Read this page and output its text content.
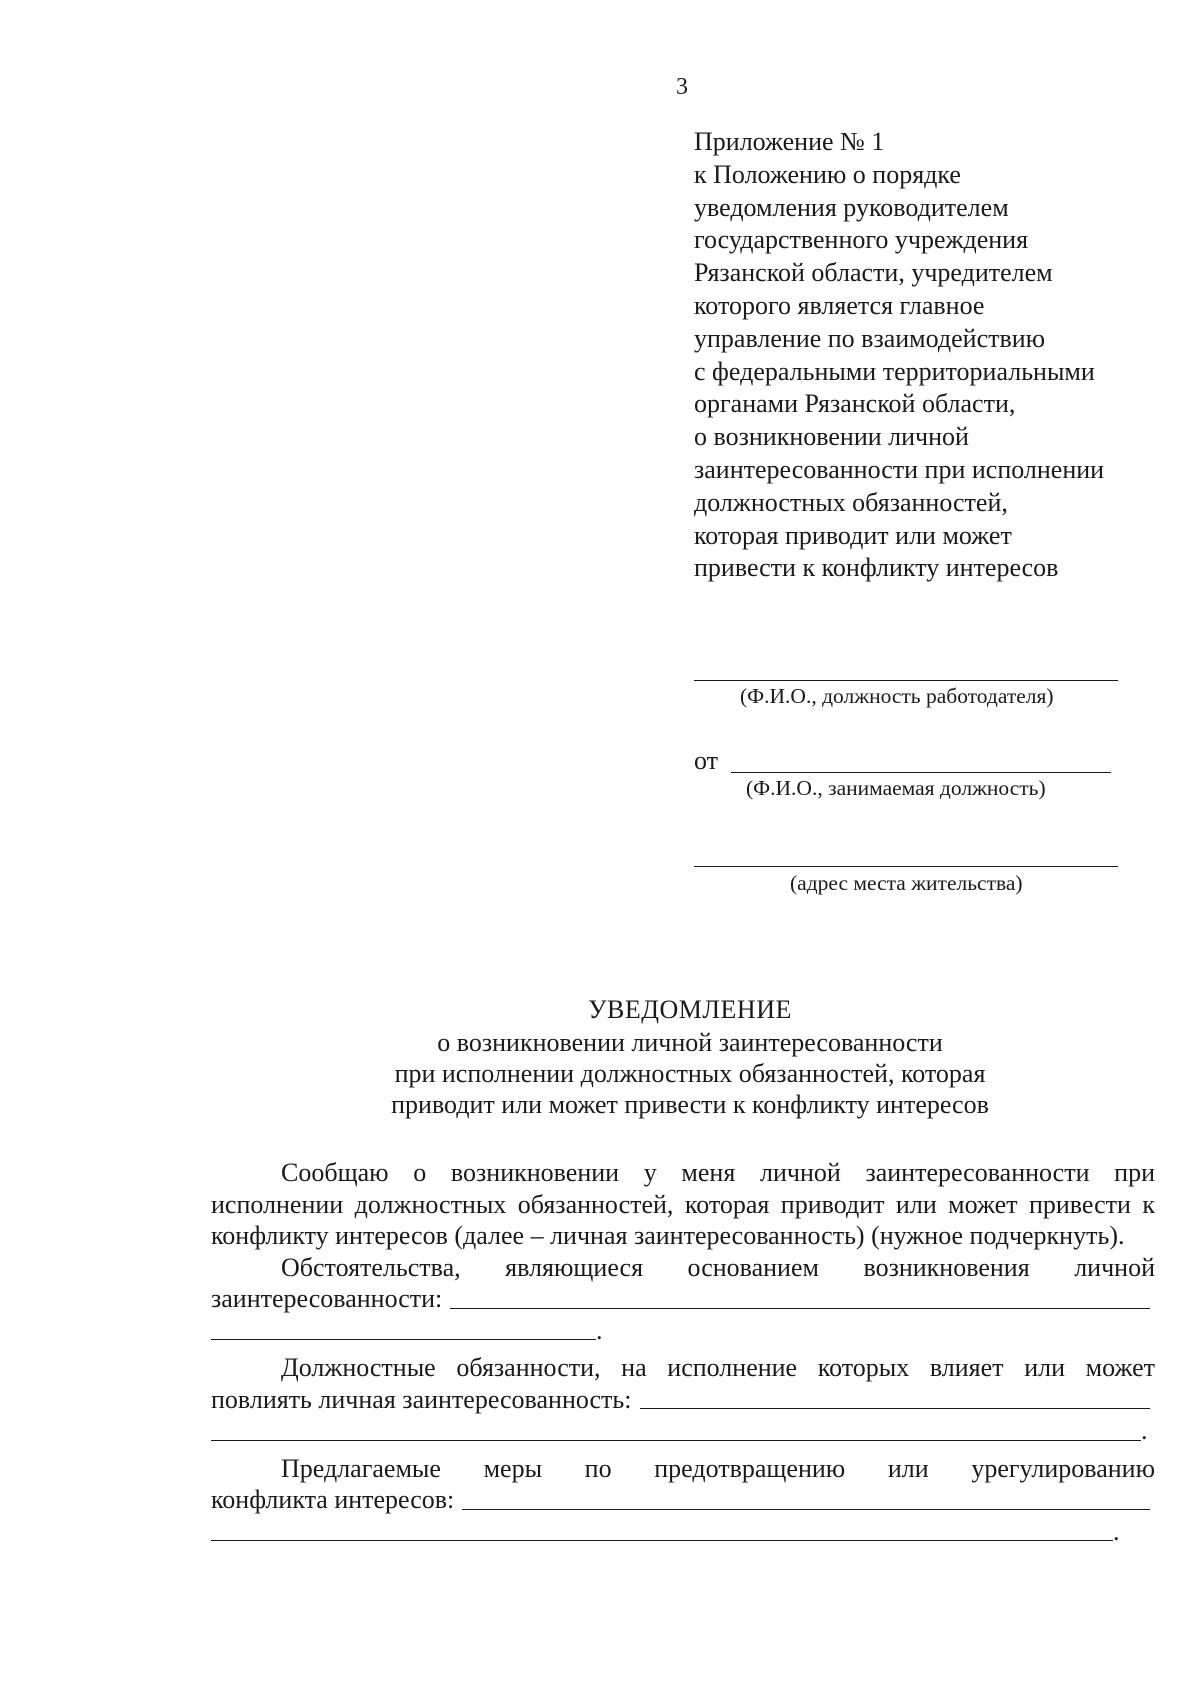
3
Приложение № 1
к Положению о порядке
уведомления руководителем
государственного учреждения
Рязанской области, учредителем
которого является главное
управление по взаимодействию
с федеральными территориальными
органами Рязанской области,
о возникновении личной
заинтересованности при исполнении
должностных обязанностей,
которая приводит или может
привести к конфликту интересов
(Ф.И.О., должность работодателя)
от
(Ф.И.О., занимаемая должность)
(адрес места жительства)
УВЕДОМЛЕНИЕ
о возникновении личной заинтересованности
при исполнении должностных обязанностей, которая
приводит или может привести к конфликту интересов

Сообщаю о возникновении у меня личной заинтересованности при исполнении должностных обязанностей, которая приводит или может привести к конфликту интересов (далее – личная заинтересованность) (нужное подчеркнуть).

Обстоятельства, являющиеся основанием возникновения личной

заинтересованности:
.

Должностные обязанности, на исполнение которых влияет или может

повлиять личная заинтересованность:
.

Предлагаемые меры по предотвращению или урегулированию

конфликта интересов:
.
